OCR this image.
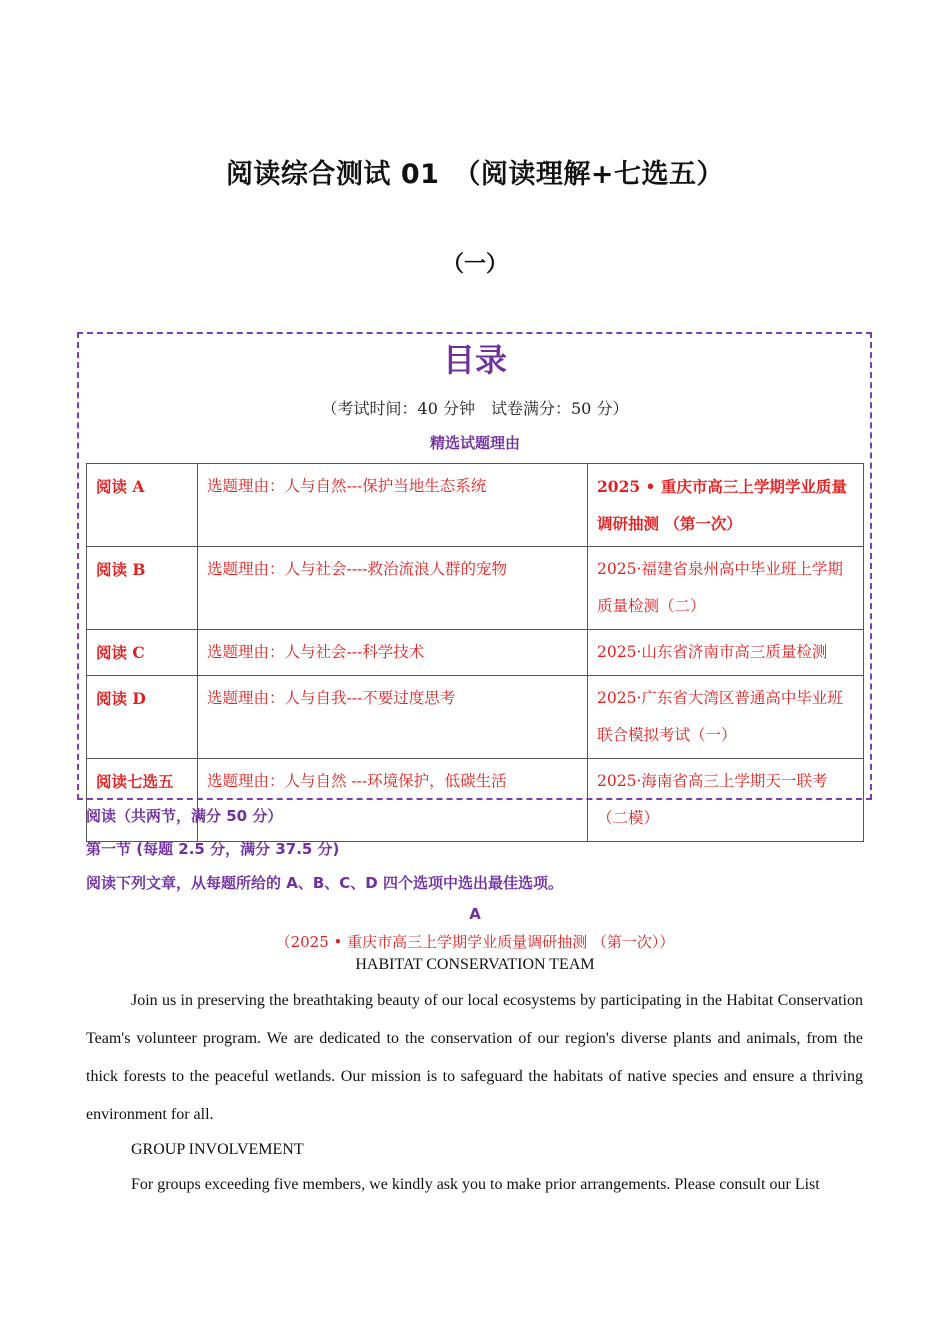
阅读综合测试 01　（阅读理解+七选五）
（一）
目录
（考试时间：40 分钟　试卷满分：50 分）
精选试题理由
阅读 A	选题理由：人与自然---保护当地生态系统	2025 • 重庆市高三上学期学业质量调研抽测 （第一次）
阅读 B	选题理由：人与社会----救治流浪人群的宠物	2025·福建省泉州高中毕业班上学期质量检测（二）
阅读 C	选题理由：人与社会---科学技术	2025·山东省济南市高三质量检测
阅读 D	选题理由：人与自我---不要过度思考	2025·广东省大湾区普通高中毕业班联合模拟考试（一）
阅读七选五	选题理由：人与自然 ---环境保护，低碳生活	2025·海南省高三上学期天一联考（二模）
阅读（共两节，满分 50 分）
第一节 (每题 2.5 分，满分 37.5 分)
阅读下列文章，从每题所给的 A、B、C、D 四个选项中选出最佳选项。
A
（2025 • 重庆市高三上学期学业质量调研抽测 （第一次））
HABITAT CONSERVATION TEAM

Join us in preserving the breathtaking beauty of our local ecosystems by participating in the Habitat Conservation Team's volunteer program. We are dedicated to the conservation of our region's diverse plants and animals, from the thick forests to the peaceful wetlands. Our mission is to safeguard the habitats of native species and ensure a thriving environment for all.

GROUP INVOLVEMENT

For groups exceeding five members, we kindly ask you to make prior arrangements. Please consult our List
